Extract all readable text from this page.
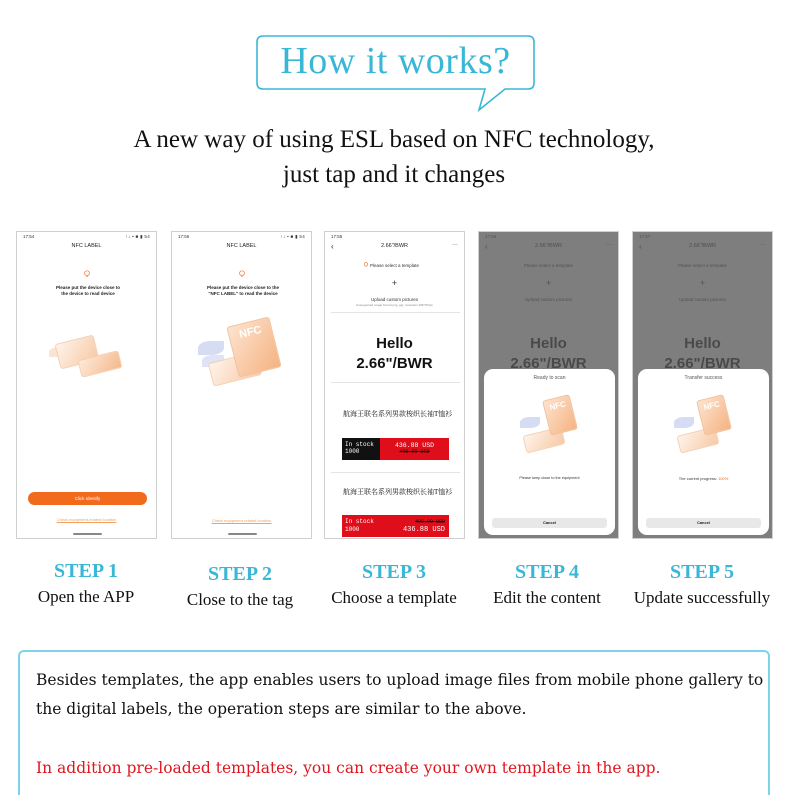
How it works?
A new way of using ESL based on NFC technology,
just tap and it changes
17:54	↑↓ • ■ ▮ 54
NFC LABEL
Please put the device close to the device to read device
Click Identify
Check equipment-related location
17:55	↑↓ • ■ ▮ 54
NFC LABEL
Please put the device close to the "NFC LABEL" to read the device
NFC
Check equipment-related location
17:55
‹	2.66"/BWR	···
Please select a template
+
Upload custom pictures
Unsupported image format png, jpg; resolution 296*152px
Hello
2.66"/BWR
航海王联名系列男款梭织长袖T恤衫
In stock
1000
436.88 USD
499.90 USD
航海王联名系列男款梭织长袖T恤衫
In stock
1000
499.90 USD
436.88 USD

Ready to scan
NFC
Please keep close to the equipment
Cancel

Transfer success
NFC
The current progress: 100%
Cancel
STEP 1
Open the APP
STEP 2
Close to the tag
STEP 3
Choose a template
STEP 4
Edit the content
STEP 5
Update successfully

Besides templates, the app enables users to upload image files from mobile phone gallery to the digital labels, the operation steps are similar to the above.

In addition pre-loaded templates, you can create your own template in the app.
